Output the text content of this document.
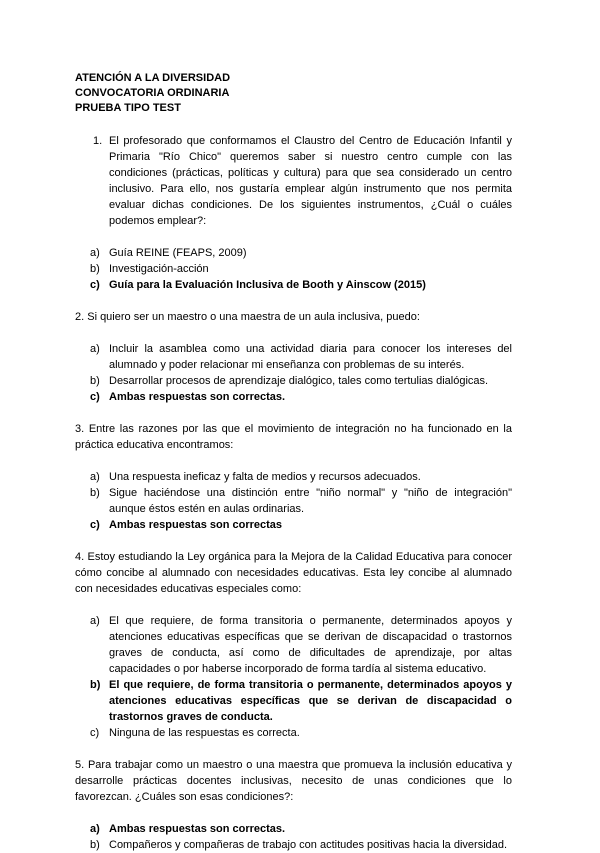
ATENCIÓN A LA DIVERSIDAD
CONVOCATORIA ORDINARIA
PRUEBA TIPO TEST
1. El profesorado que conformamos el Claustro del Centro de Educación Infantil y Primaria "Río Chico" queremos saber si nuestro centro cumple con las condiciones (prácticas, políticas y cultura) para que sea considerado un centro inclusivo. Para ello, nos gustaría emplear algún instrumento que nos permita evaluar dichas condiciones. De los siguientes instrumentos, ¿Cuál o cuáles podemos emplear?:
a) Guía REINE (FEAPS, 2009)
b) Investigación-acción
c) Guía para la Evaluación Inclusiva de Booth y Ainscow (2015)
2. Si quiero ser un maestro o una maestra de un aula inclusiva, puedo:
a) Incluir la asamblea como una actividad diaria para conocer los intereses del alumnado y poder relacionar mi enseñanza con problemas de su interés.
b) Desarrollar procesos de aprendizaje dialógico, tales como tertulias dialógicas.
c) Ambas respuestas son correctas.
3. Entre las razones por las que el movimiento de integración no ha funcionado en la práctica educativa encontramos:
a) Una respuesta ineficaz y falta de medios y recursos adecuados.
b) Sigue haciéndose una distinción entre "niño normal" y "niño de integración" aunque éstos estén en aulas ordinarias.
c) Ambas respuestas son correctas
4. Estoy estudiando la Ley orgánica para la Mejora de la Calidad Educativa para conocer cómo concibe al alumnado con necesidades educativas. Esta ley concibe al alumnado con necesidades educativas especiales como:
a) El que requiere, de forma transitoria o permanente, determinados apoyos y atenciones educativas específicas que se derivan de discapacidad o trastornos graves de conducta, así como de dificultades de aprendizaje, por altas capacidades o por haberse incorporado de forma tardía al sistema educativo.
b) El que requiere, de forma transitoria o permanente, determinados apoyos y atenciones educativas específicas que se derivan de discapacidad o trastornos graves de conducta.
c) Ninguna de las respuestas es correcta.
5. Para trabajar como un maestro o una maestra que promueva la inclusión educativa y desarrolle prácticas docentes inclusivas, necesito de unas condiciones que lo favorezcan. ¿Cuáles son esas condiciones?:
a) Ambas respuestas son correctas.
b) Compañeros y compañeras de trabajo con actitudes positivas hacia la diversidad.
